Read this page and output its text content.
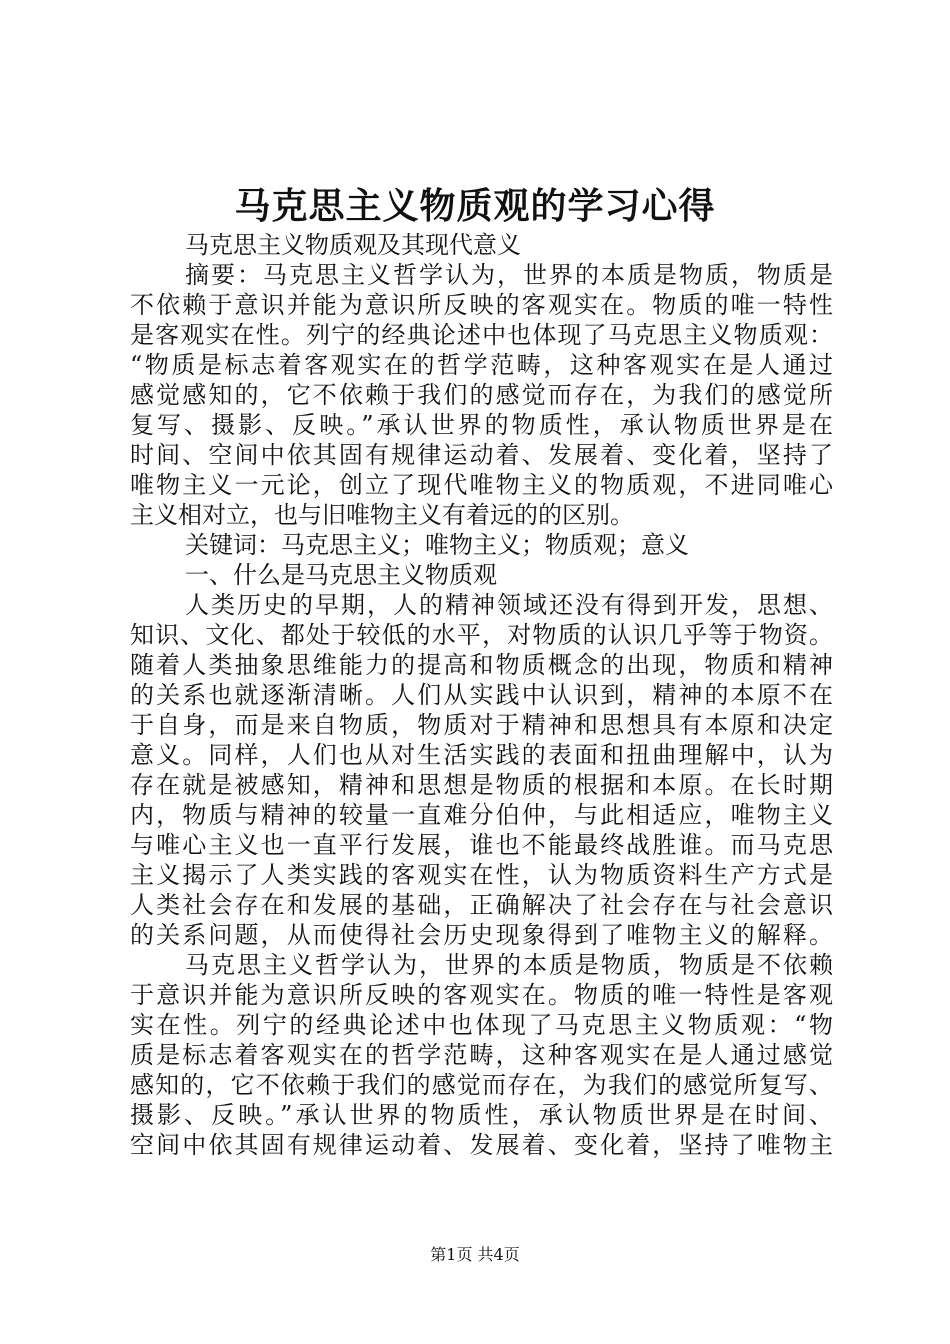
马克思主义物质观的学习心得
马克思主义物质观及其现代意义
摘要：马克思主义哲学认为，世界的本质是物质，物质是
不依赖于意识并能为意识所反映的客观实在。物质的唯一特性
是客观实在性。列宁的经典论述中也体现了马克思主义物质观：
“物质是标志着客观实在的哲学范畴，这种客观实在是人通过
感觉感知的，它不依赖于我们的感觉而存在，为我们的感觉所
复写、摄影、反映。”承认世界的物质性，承认物质世界是在
时间、空间中依其固有规律运动着、发展着、变化着，坚持了
唯物主义一元论，创立了现代唯物主义的物质观，不进同唯心
主义相对立，也与旧唯物主义有着远的的区别。
关键词：马克思主义；唯物主义；物质观；意义
一、什么是马克思主义物质观
人类历史的早期，人的精神领域还没有得到开发，思想、
知识、文化、都处于较低的水平，对物质的认识几乎等于物资。
随着人类抽象思维能力的提高和物质概念的出现，物质和精神
的关系也就逐渐清晰。人们从实践中认识到，精神的本原不在
于自身，而是来自物质，物质对于精神和思想具有本原和决定
意义。同样，人们也从对生活实践的表面和扭曲理解中，认为
存在就是被感知，精神和思想是物质的根据和本原。在长时期
内，物质与精神的较量一直难分伯仲，与此相适应，唯物主义
与唯心主义也一直平行发展，谁也不能最终战胜谁。而马克思
主义揭示了人类实践的客观实在性，认为物质资料生产方式是
人类社会存在和发展的基础，正确解决了社会存在与社会意识
的关系问题，从而使得社会历史现象得到了唯物主义的解释。
马克思主义哲学认为，世界的本质是物质，物质是不依赖
于意识并能为意识所反映的客观实在。物质的唯一特性是客观
实在性。列宁的经典论述中也体现了马克思主义物质观：“物
质是标志着客观实在的哲学范畴，这种客观实在是人通过感觉
感知的，它不依赖于我们的感觉而存在，为我们的感觉所复写、
摄影、反映。”承认世界的物质性，承认物质世界是在时间、
空间中依其固有规律运动着、发展着、变化着，坚持了唯物主
第1页 共4页
